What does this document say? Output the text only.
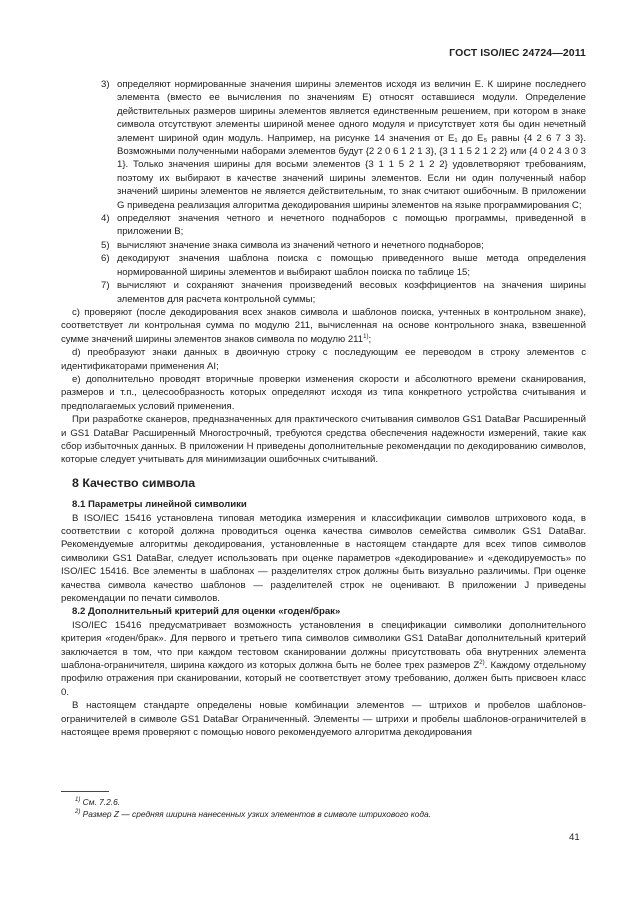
ГОСТ ISO/IEC 24724—2011
3) определяют нормированные значения ширины элементов исходя из величин E. К ширине последнего элемента (вместо ее вычисления по значениям E) относят оставшиеся модули. Определение действительных размеров ширины элементов является единственным решением, при котором в знаке символа отсутствуют элементы шириной менее одного модуля и присутствует хотя бы один нечетный элемент шириной один модуль. Например, на рисунке 14 значения от E₁ до E₅ равны {4 2 6 7 3 3}. Возможными полученными наборами элементов будут {2 2 0 6 1 2 1 3}, {3 1 1 5 2 1 2 2} или {4 0 2 4 3 0 3 1}. Только значения ширины для восьми элементов {3 1 1 5 2 1 2 2} удовлетворяют требованиям, поэтому их выбирают в качестве значений ширины элементов. Если ни один полученный набор значений ширины элементов не является действительным, то знак считают ошибочным. В приложении G приведена реализация алгоритма декодирования ширины элементов на языке программирования С;
4) определяют значения четного и нечетного поднаборов с помощью программы, приведенной в приложении B;
5) вычисляют значение знака символа из значений четного и нечетного поднаборов;
6) декодируют значения шаблона поиска с помощью приведенного выше метода определения нормированной ширины элементов и выбирают шаблон поиска по таблице 15;
7) вычисляют и сохраняют значения произведений весовых коэффициентов на значения ширины элементов для расчета контрольной суммы;

c) проверяют (после декодирования всех знаков символа и шаблонов поиска, учтенных в контрольном знаке), соответствует ли контрольная сумма по модулю 211, вычисленная на основе контрольного знака, взвешенной сумме значений ширины элементов знаков символа по модулю 211$^{1)}$;

d) преобразуют знаки данных в двоичную строку с последующим ее переводом в строку элементов с идентификаторами применения AI;

e) дополнительно проводят вторичные проверки изменения скорости и абсолютного времени сканирования, размеров и т.п., целесообразность которых определяют исходя из типа конкретного устройства считывания и предполагаемых условий применения.

При разработке сканеров, предназначенных для практического считывания символов GS1 DataBar Расширенный и GS1 DataBar Расширенный Многострочный, требуются средства обеспечения надежности измерений, такие как сбор избыточных данных. В приложении H приведены дополнительные рекомендации по декодированию символов, которые следует учитывать для минимизации ошибочных считываний.

8 Качество символа
8.1 Параметры линейной символики

В ISO/IEC 15416 установлена типовая методика измерения и классификации символов штрихового кода, в соответствии с которой должна проводиться оценка качества символов семейства символик GS1 DataBar. Рекомендуемые алгоритмы декодирования, установленные в настоящем стандарте для всех типов символов символики GS1 DataBar, следует использовать при оценке параметров «декодирование» и «декодируемость» по ISO/IEC 15416. Все элементы в шаблонах — разделителях строк должны быть визуально различимы. При оценке качества символа качество шаблонов — разделителей строк не оценивают. В приложении J приведены рекомендации по печати символов.

8.2 Дополнительный критерий для оценки «годен/брак»

ISO/IEC 15416 предусматривает возможность установления в спецификации символики дополнительного критерия «годен/брак». Для первого и третьего типа символов символики GS1 DataBar дополнительный критерий заключается в том, что при каждом тестовом сканировании должны присутствовать оба внутренних элемента шаблона-ограничителя, ширина каждого из которых должна быть не более трех размеров $Z^{2)}$. Каждому отдельному профилю отражения при сканировании, который не соответствует этому требованию, должен быть присвоен класс 0.

В настоящем стандарте определены новые комбинации элементов — штрихов и пробелов шаблонов-ограничителей в символе GS1 DataBar Ограниченный. Элементы — штрихи и пробелы шаблонов-ограничителей в настоящее время проверяют с помощью нового рекомендуемого алгоритма декодирования

$^{1)}$ См. 7.2.6.
$^{2)}$ Размер Z — средняя ширина нанесенных узких элементов в символе штрихового кода.
41
